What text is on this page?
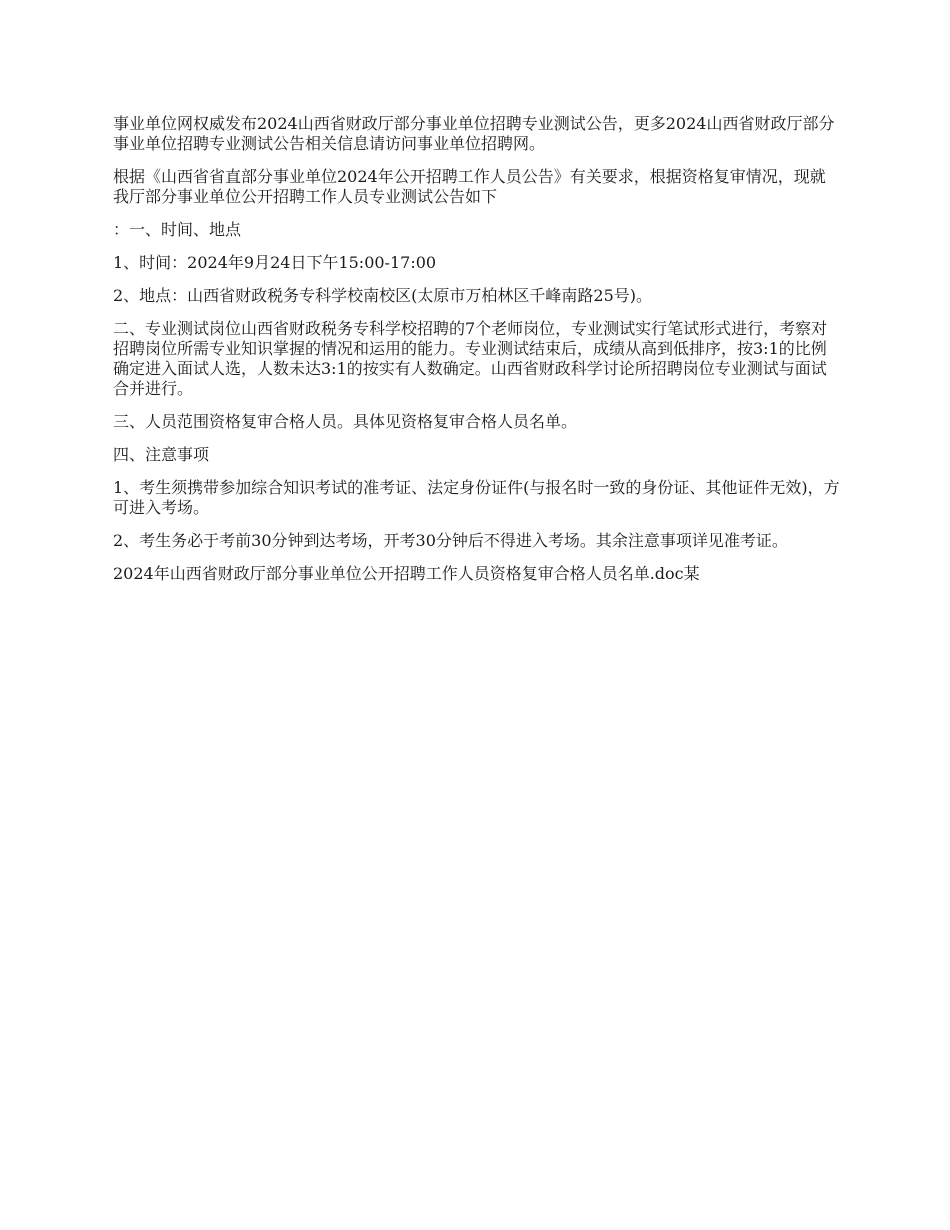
事业单位网权威发布2024山西省财政厅部分事业单位招聘专业测试公告，更多2024山西省财政厅部分事业单位招聘专业测试公告相关信息请访问事业单位招聘网。

根据《山西省省直部分事业单位2024年公开招聘工作人员公告》有关要求，根据资格复审情况，现就我厅部分事业单位公开招聘工作人员专业测试公告如下

：一、时间、地点

1、时间：2024年9月24日下午15:00-17:00

2、地点：山西省财政税务专科学校南校区(太原市万柏林区千峰南路25号)。

二、专业测试岗位山西省财政税务专科学校招聘的7个老师岗位，专业测试实行笔试形式进行，考察对招聘岗位所需专业知识掌握的情况和运用的能力。专业测试结束后，成绩从高到低排序，按3:1的比例确定进入面试人选，人数未达3:1的按实有人数确定。山西省财政科学讨论所招聘岗位专业测试与面试合并进行。

三、人员范围资格复审合格人员。具体见资格复审合格人员名单。

四、注意事项

1、考生须携带参加综合知识考试的准考证、法定身份证件(与报名时一致的身份证、其他证件无效)，方可进入考场。

2、考生务必于考前30分钟到达考场，开考30分钟后不得进入考场。其余注意事项详见准考证。

2024年山西省财政厅部分事业单位公开招聘工作人员资格复审合格人员名单.doc某
